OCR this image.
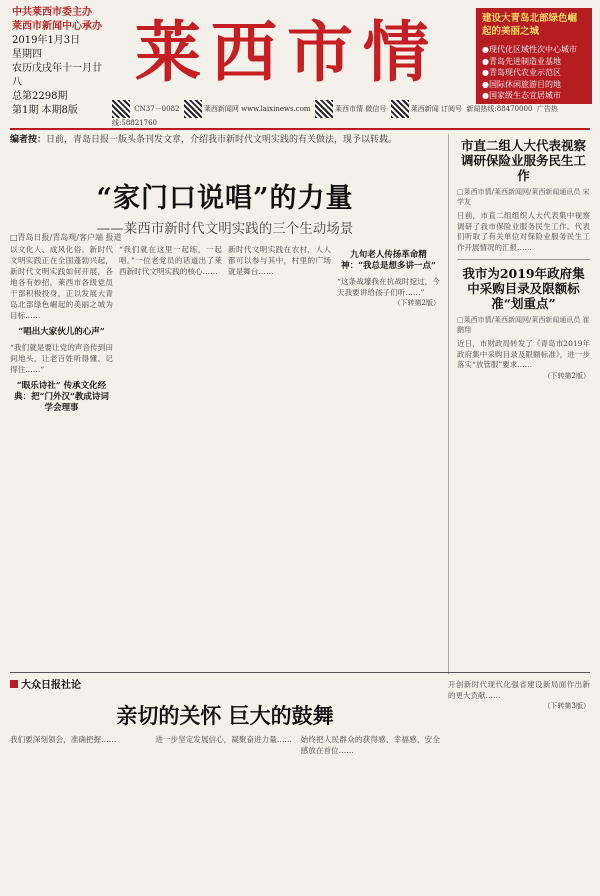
中共莱西市委主办
莱西市新闻中心承办
2019年1月3日
星期四
农历戊戌年十一月廿八
总第2298期
第1期 本期8版
莱西市情	建设大青岛北部绿色崛起的美丽之城
●现代化区域性次中心城市
●青岛先进制造业基地
●青岛现代农业示范区
●国际休闲旅游目的地
●国家级生态宜居城市
CN37－0082	莱西新闻网 www.laixinews.com	莱西市情 微信号	莱西新闻 订阅号 新闻热线:88470000 广告热线:58821760
编者按：日前，青岛日报一版头条刊发文章，介绍我市新时代文明实践的有关做法，现予以转载。
“家门口说唱”的力量
——莱西市新时代文明实践的三个生动场景
□青岛日报/青岛观/客户端 报道
以文化人、成风化俗。新时代文明实践正在全国蓬勃兴起，新时代文明实践如何开展，各地各有妙招。莱西市各级党员干部积极投身，正以发展大青岛北部绿色崛起的美丽之城为目标……
“唱出大家伙儿的心声”
“我们就是要让党的声音传到田间地头，让老百姓听得懂、记得住……”
“眼乐诗社” 传承文化经典：把“门外汉”教成诗词学会理事
“我们就在这里一起练，一起唱。”一位老党员的话道出了莱西新时代文明实践的核心……
新时代文明实践在农村，人人都可以参与其中，村里的广场就是舞台……
九旬老人传扬革命精神：“我总是想多讲一点”
“这条战壕我在抗战时挖过，今天我要讲给孩子们听……”
（下转第2版）
市直二组人大代表视察调研保险业服务民生工作
□莱西市情/莱西新闻网/莱西新闻通讯员 宋学友
日前，市直二组组织人大代表集中视察调研了我市保险业服务民生工作。代表们听取了有关单位对保险业服务民生工作开展情况的汇报……
我市为2019年政府集中采购目录及限额标准“划重点”
□莱西市情/莱西新闻网/莱西新闻通讯员 崔鹏翔
近日，市财政局转发了《青岛市2019年政府集中采购目录及限额标准》，进一步落实“放管服”要求……
（下转第2版）
大众日报社论
亲切的关怀 巨大的鼓舞
我们要深刻领会，准确把握……	进一步坚定发展信心，凝聚奋进力量……	始终把人民群众的获得感、幸福感、安全感放在首位……
开创新时代现代化强省建设新局面作出新的更大贡献……
（下转第3版）
